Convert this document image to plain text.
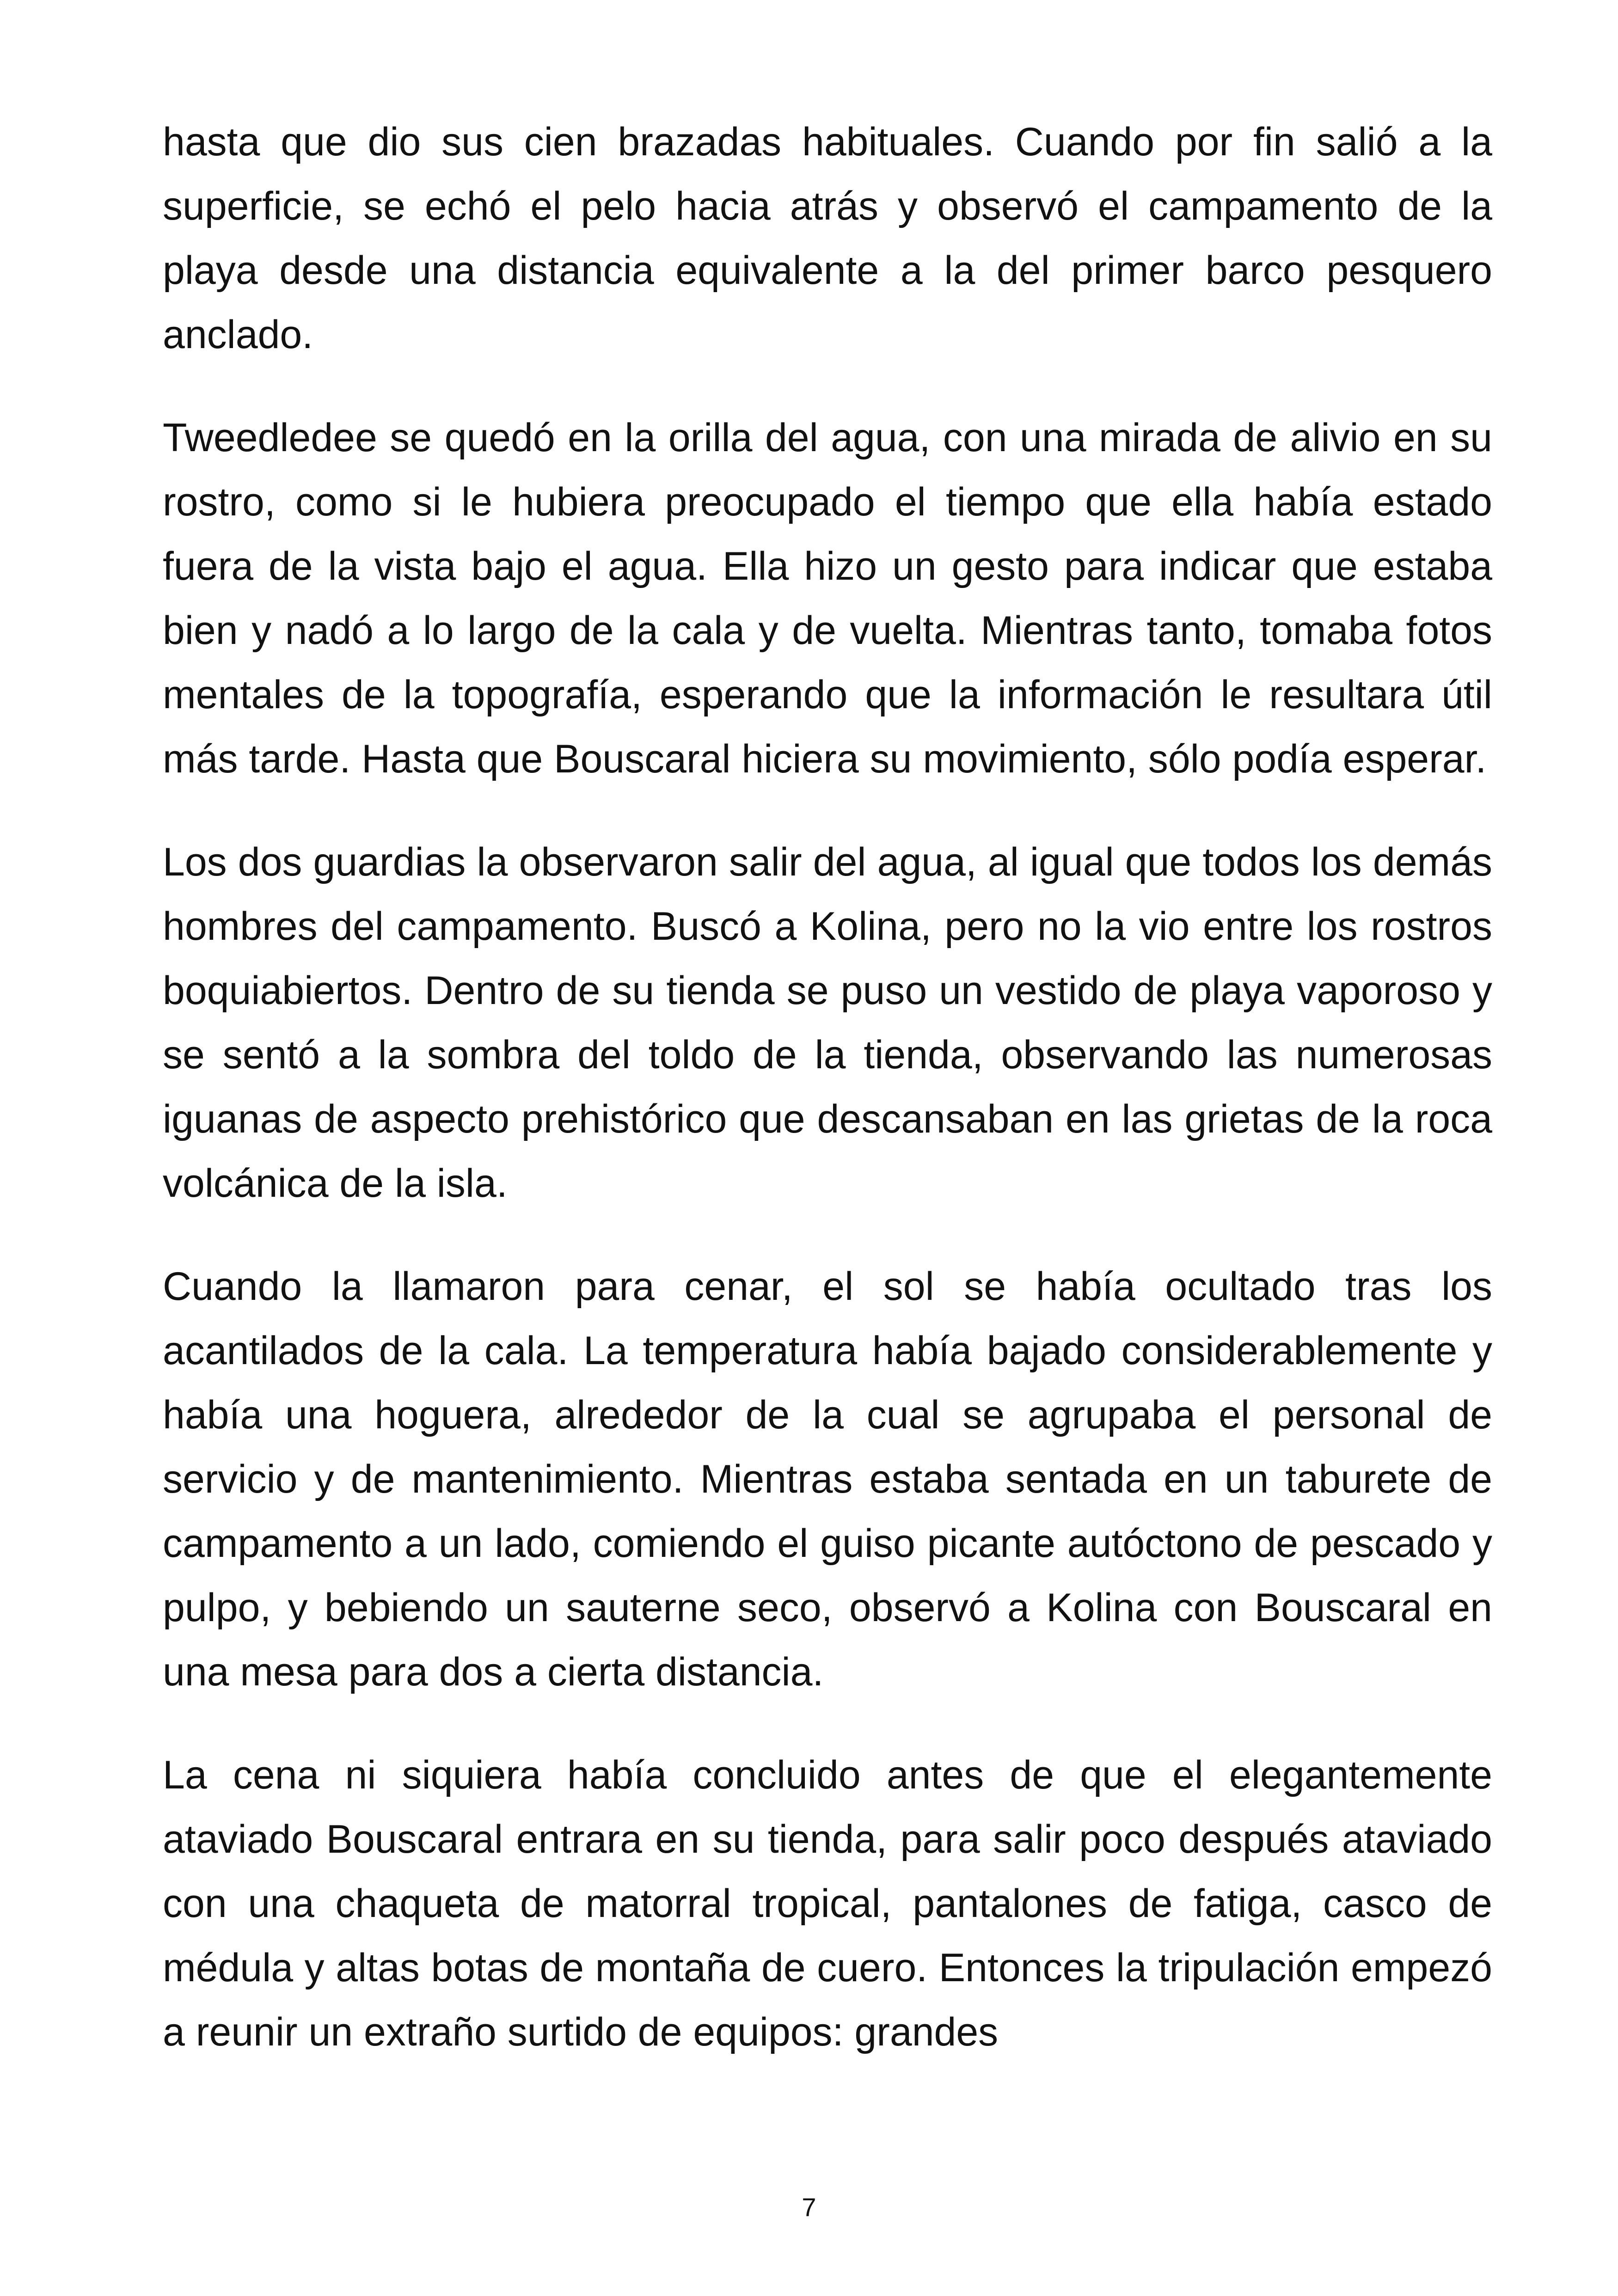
hasta que dio sus cien brazadas habituales. Cuando por fin salió a la superficie, se echó el pelo hacia atrás y observó el campamento de la playa desde una distancia equivalente a la del primer barco pesquero anclado.

Tweedledee se quedó en la orilla del agua, con una mirada de alivio en su rostro, como si le hubiera preocupado el tiempo que ella había estado fuera de la vista bajo el agua. Ella hizo un gesto para indicar que estaba bien y nadó a lo largo de la cala y de vuelta. Mientras tanto, tomaba fotos mentales de la topografía, esperando que la información le resultara útil más tarde. Hasta que Bouscaral hiciera su movimiento, sólo podía esperar.

Los dos guardias la observaron salir del agua, al igual que todos los demás hombres del campamento. Buscó a Kolina, pero no la vio entre los rostros boquiabiertos. Dentro de su tienda se puso un vestido de playa vaporoso y se sentó a la sombra del toldo de la tienda, observando las numerosas iguanas de aspecto prehistórico que descansaban en las grietas de la roca volcánica de la isla.

Cuando la llamaron para cenar, el sol se había ocultado tras los acantilados de la cala. La temperatura había bajado considerablemente y había una hoguera, alrededor de la cual se agrupaba el personal de servicio y de mantenimiento. Mientras estaba sentada en un taburete de campamento a un lado, comiendo el guiso picante autóctono de pescado y pulpo, y bebiendo un sauterne seco, observó a Kolina con Bouscaral en una mesa para dos a cierta distancia.

La cena ni siquiera había concluido antes de que el elegantemente ataviado Bouscaral entrara en su tienda, para salir poco después ataviado con una chaqueta de matorral tropical, pantalones de fatiga, casco de médula y altas botas de montaña de cuero. Entonces la tripulación empezó a reunir un extraño surtido de equipos: grandes

7
